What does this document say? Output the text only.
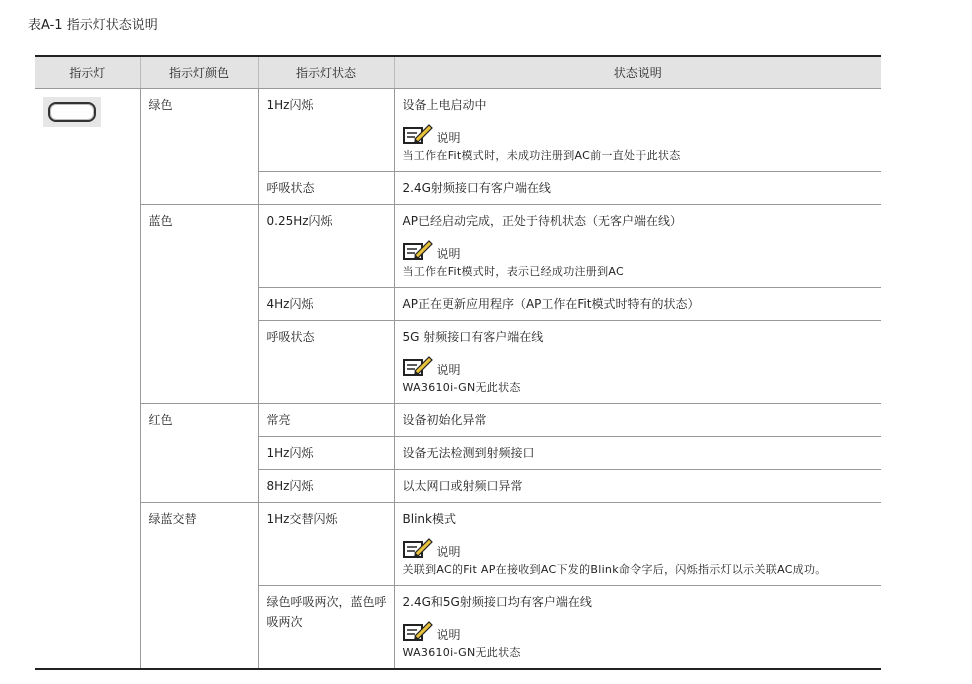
表A-1 指示灯状态说明
指示灯	指示灯颜色	指示灯状态	状态说明

	绿色	1Hz闪烁	设备上电启动中
说明
当工作在Fit模式时，未成功注册到AC前一直处于此状态

		呼吸状态	2.4G射频接口有客户端在线
	蓝色	0.25Hz闪烁	AP已经启动完成，正处于待机状态（无客户端在线）
说明
当工作在Fit模式时，表示已经成功注册到AC

		4Hz闪烁	AP正在更新应用程序（AP工作在Fit模式时特有的状态）
		呼吸状态	5G 射频接口有客户端在线
说明
WA3610i-GN无此状态

	红色	常亮	设备初始化异常
		1Hz闪烁	设备无法检测到射频接口
		8Hz闪烁	以太网口或射频口异常
	绿蓝交替	1Hz交替闪烁	Blink模式
说明
关联到AC的Fit AP在接收到AC下发的Blink命令字后，闪烁指示灯以示关联AC成功。

		绿色呼吸两次，蓝色呼吸两次	2.4G和5G射频接口均有客户端在线
说明
WA3610i-GN无此状态
